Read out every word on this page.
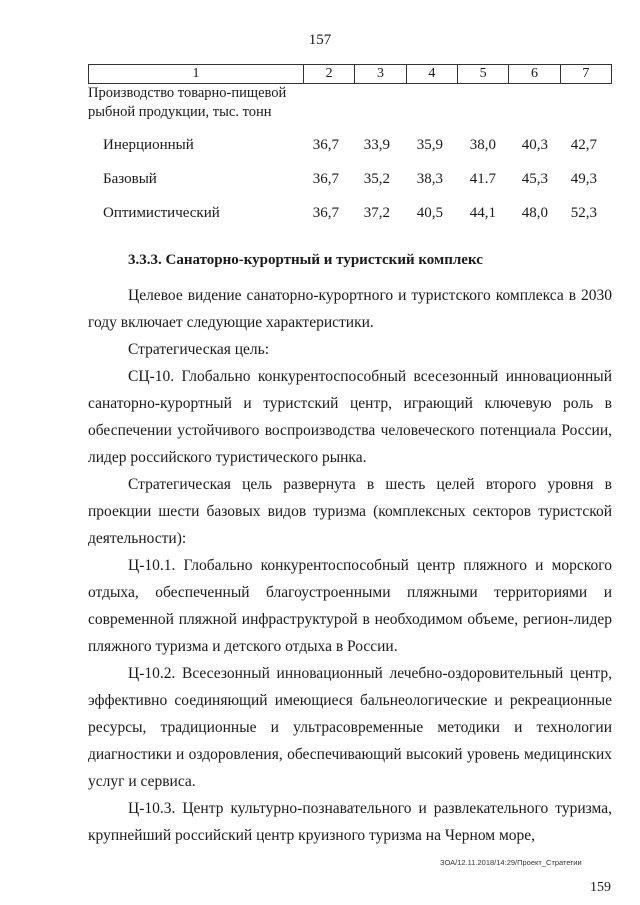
157
1	2	3	4	5	6	7
Производство товарно-пищевой рыбной продукции, тыс. тонн
Инерционный	36,7	33,9	35,9	38,0	40,3	42,7
Базовый	36,7	35,2	38,3	41.7	45,3	49,3
Оптимистический	36,7	37,2	40,5	44,1	48,0	52,3
3.3.3. Санаторно-курортный и туристский комплекс
Целевое видение санаторно-курортного и туристского комплекса в 2030 году включает следующие характеристики.
Стратегическая цель:
СЦ-10. Глобально конкурентоспособный всесезонный инновационный санаторно-курортный и туристский центр, играющий ключевую роль в обеспечении устойчивого воспроизводства человеческого потенциала России, лидер российского туристического рынка.
Стратегическая цель развернута в шесть целей второго уровня в проекции шести базовых видов туризма (комплексных секторов туристской деятельности):
Ц-10.1. Глобально конкурентоспособный центр пляжного и морского отдыха, обеспеченный благоустроенными пляжными территориями и современной пляжной инфраструктурой в необходимом объеме, регион-лидер пляжного туризма и детского отдыха в России.
Ц-10.2. Всесезонный инновационный лечебно-оздоровительный центр, эффективно соединяющий имеющиеся бальнеологические и рекреационные ресурсы, традиционные и ультрасовременные методики и технологии диагностики и оздоровления, обеспечивающий высокий уровень медицинских услуг и сервиса.
Ц-10.3. Центр культурно-познавательного и развлекательного туризма, крупнейший российский центр круизного туризма на Черном море,
ЗОА/12.11.2018/14:29/Проект_Стратегии
159
